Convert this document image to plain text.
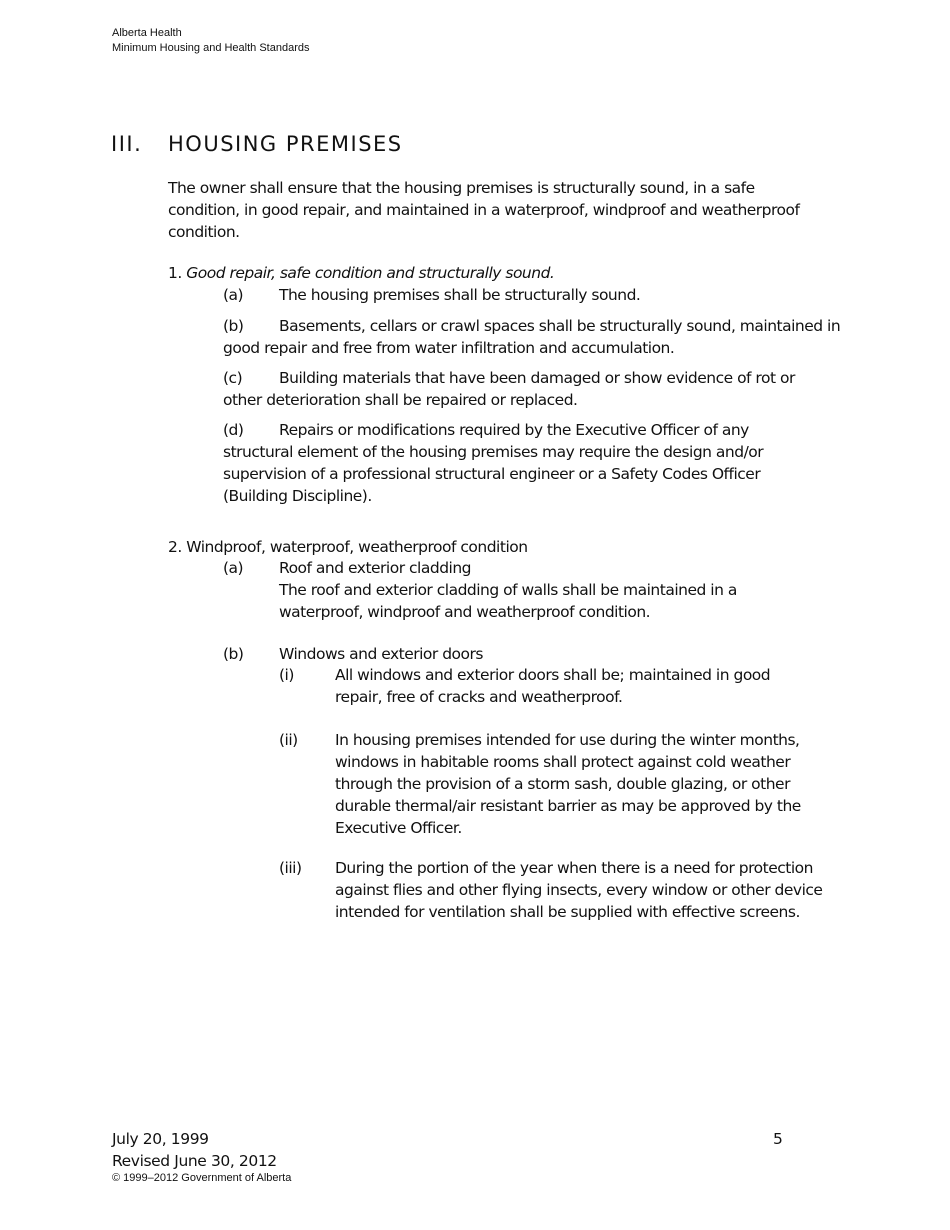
Alberta Health
Minimum Housing and Health Standards
III. HOUSING PREMISES
The owner shall ensure that the housing premises is structurally sound, in a safe condition, in good repair, and maintained in a waterproof, windproof and weatherproof condition.
1. Good repair, safe condition and structurally sound.
(a) The housing premises shall be structurally sound.
(b) Basements, cellars or crawl spaces shall be structurally sound, maintained in good repair and free from water infiltration and accumulation.
(c) Building materials that have been damaged or show evidence of rot or other deterioration shall be repaired or replaced.
(d) Repairs or modifications required by the Executive Officer of any structural element of the housing premises may require the design and/or supervision of a professional structural engineer or a Safety Codes Officer (Building Discipline).
2. Windproof, waterproof, weatherproof condition
(a) Roof and exterior cladding
The roof and exterior cladding of walls shall be maintained in a waterproof, windproof and weatherproof condition.
(b) Windows and exterior doors
(i)	All windows and exterior doors shall be; maintained in good repair, free of cracks and weatherproof.
(ii) In housing premises intended for use during the winter months, windows in habitable rooms shall protect against cold weather through the provision of a storm sash, double glazing, or other durable thermal/air resistant barrier as may be approved by the Executive Officer.
(iii) During the portion of the year when there is a need for protection against flies and other flying insects, every window or other device intended for ventilation shall be supplied with effective screens.
July 20, 1999
Revised June 30, 2012
© 1999–2012 Government of Alberta
5
